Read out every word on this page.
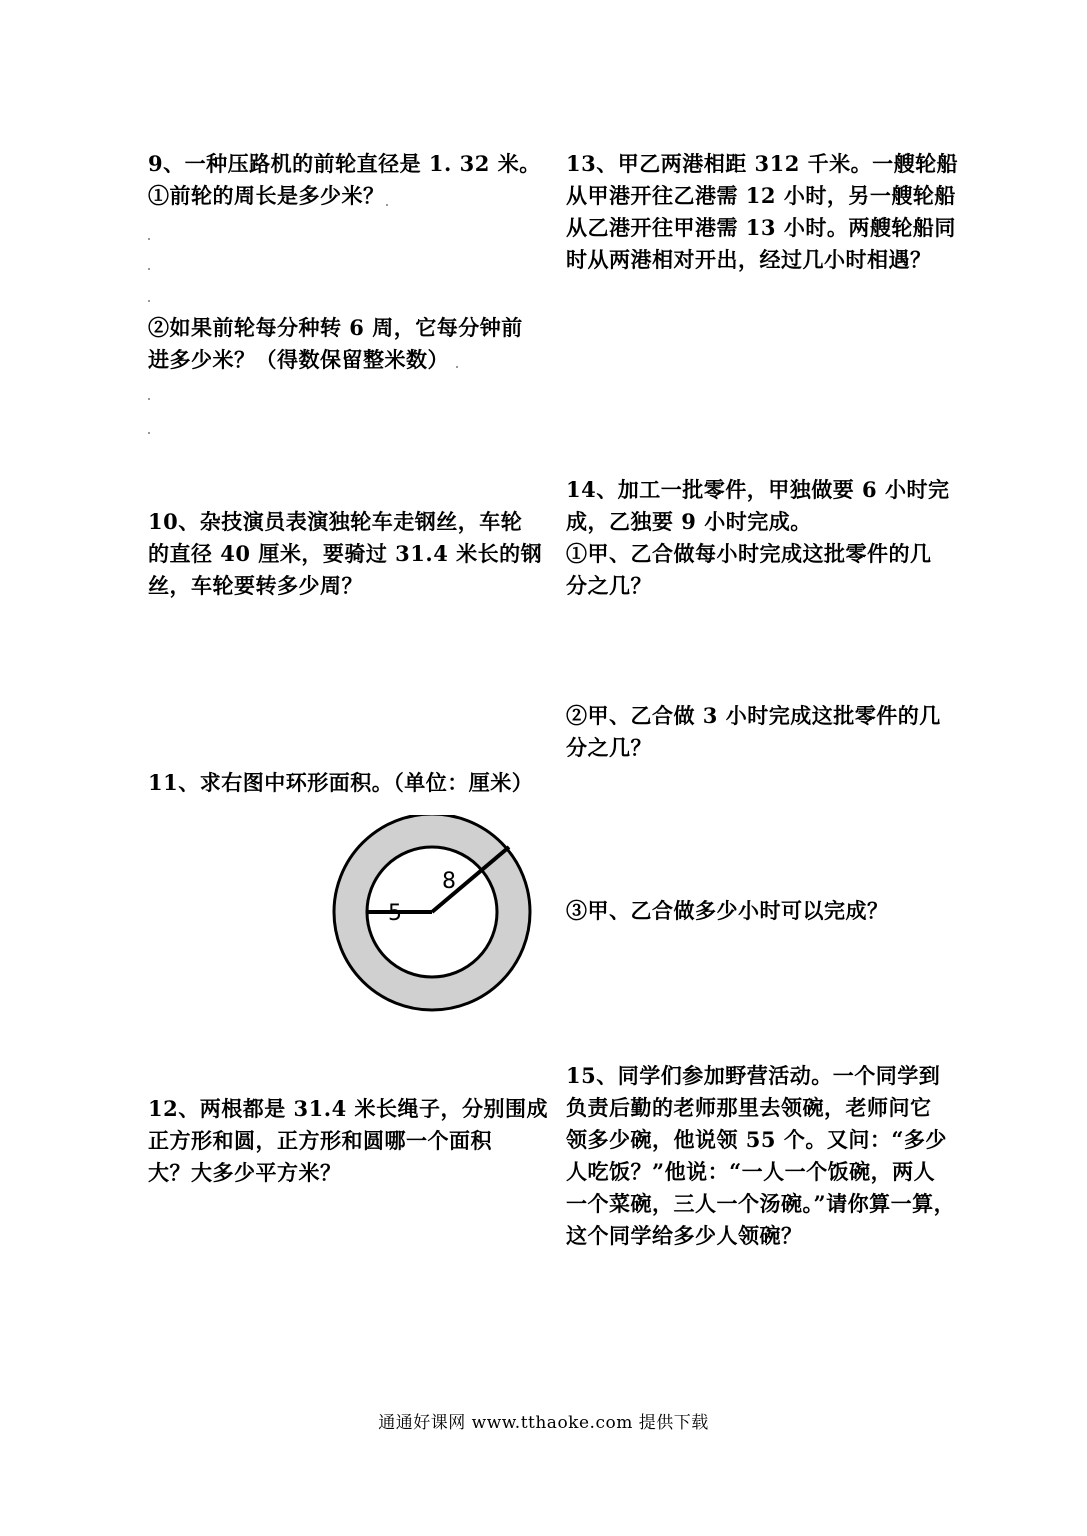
9、一种压路机的前轮直径是 1. 32 米。
①前轮的周长是多少米？
②如果前轮每分种转 6 周，它每分钟前
进多少米？（得数保留整米数）
10、杂技演员表演独轮车走钢丝，车轮
的直径 40 厘米，要骑过 31.4 米长的钢
丝，车轮要转多少周？
11、求右图中环形面积。（单位：厘米）
5
8
12、两根都是 31.4 米长绳子，分别围成
正方形和圆，正方形和圆哪一个面积
大？大多少平方米？
13、甲乙两港相距 312 千米。一艘轮船
从甲港开往乙港需 12 小时，另一艘轮船
从乙港开往甲港需 13 小时。两艘轮船同
时从两港相对开出，经过几小时相遇？
14、加工一批零件，甲独做要 6 小时完
成，乙独要 9 小时完成。
①甲、乙合做每小时完成这批零件的几
分之几？
②甲、乙合做 3 小时完成这批零件的几
分之几？
③甲、乙合做多少小时可以完成？
15、同学们参加野营活动。一个同学到
负责后勤的老师那里去领碗，老师问它
领多少碗，他说领 55 个。又问：“多少
人吃饭？”他说：“一人一个饭碗，两人
一个菜碗，三人一个汤碗。”请你算一算，
这个同学给多少人领碗？
通通好课网 www.tthaoke.com 提供下载
